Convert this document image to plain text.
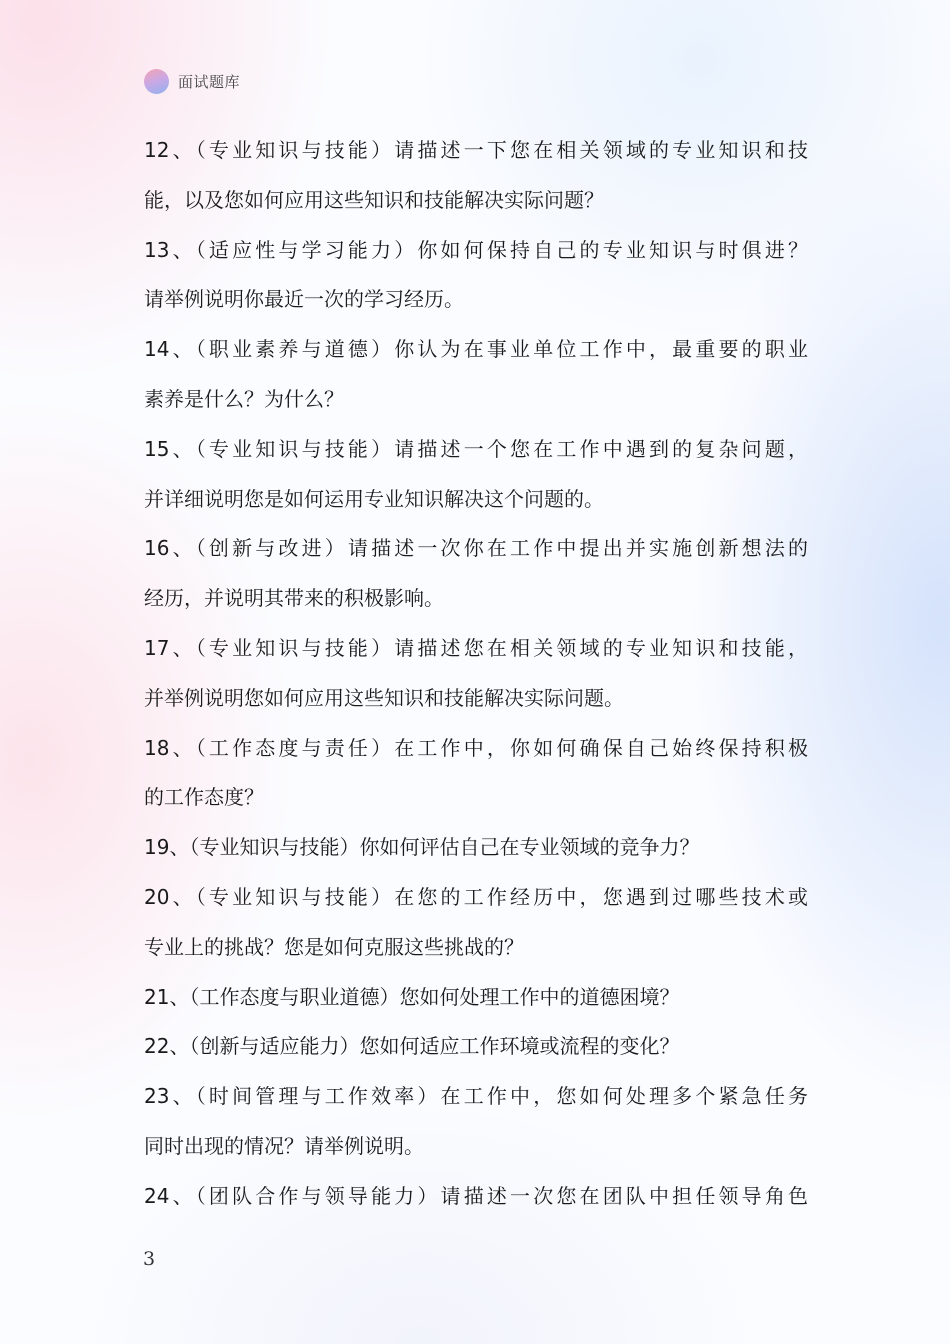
面试题库
12、（专业知识与技能）请描述一下您在相关领域的专业知识和技
能，以及您如何应用这些知识和技能解决实际问题？
13、（适应性与学习能力）你如何保持自己的专业知识与时俱进？
请举例说明你最近一次的学习经历。
14、（职业素养与道德）你认为在事业单位工作中，最重要的职业
素养是什么？为什么？
15、（专业知识与技能）请描述一个您在工作中遇到的复杂问题，
并详细说明您是如何运用专业知识解决这个问题的。
16、（创新与改进）请描述一次你在工作中提出并实施创新想法的
经历，并说明其带来的积极影响。
17、（专业知识与技能）请描述您在相关领域的专业知识和技能，
并举例说明您如何应用这些知识和技能解决实际问题。
18、（工作态度与责任）在工作中，你如何确保自己始终保持积极
的工作态度？
19、（专业知识与技能）你如何评估自己在专业领域的竞争力？
20、（专业知识与技能）在您的工作经历中，您遇到过哪些技术或
专业上的挑战？您是如何克服这些挑战的？
21、（工作态度与职业道德）您如何处理工作中的道德困境？
22、（创新与适应能力）您如何适应工作环境或流程的变化？
23、（时间管理与工作效率）在工作中，您如何处理多个紧急任务
同时出现的情况？请举例说明。
24、（团队合作与领导能力）请描述一次您在团队中担任领导角色
3
